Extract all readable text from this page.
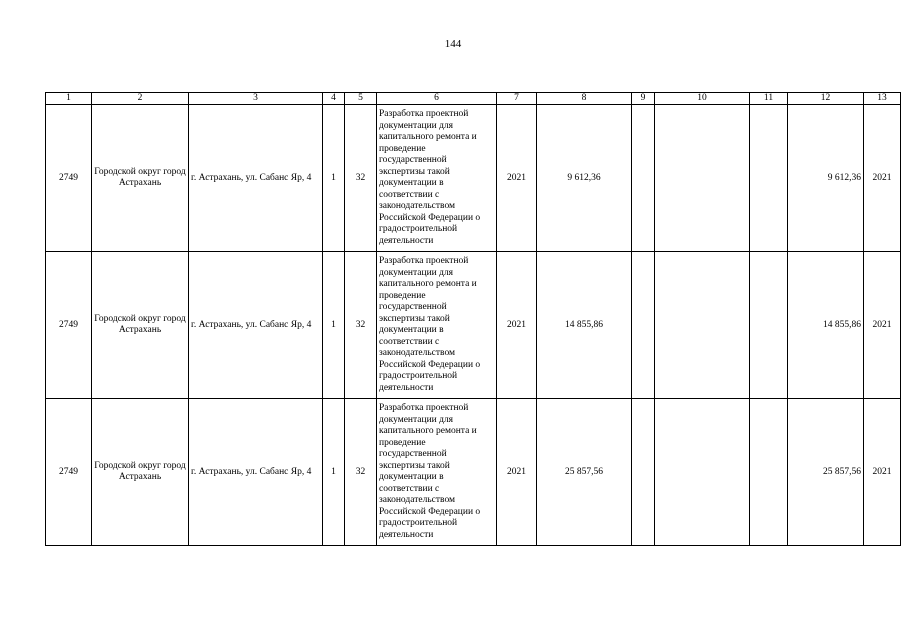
144
1	2	3	4	5	6	7	8	9	10	11	12	13
2749	Городской округ город Астрахань	г. Астрахань, ул. Сабанс Яр, 4	1	32	Разработка проектной документации для капитального ремонта и проведение государственной экспертизы такой документации в соответствии с законодательством Российской Федерации о градостроительной деятельности	2021	9 612,36				9 612,36	2021
2749	Городской округ город Астрахань	г. Астрахань, ул. Сабанс Яр, 4	1	32	Разработка проектной документации для капитального ремонта и проведение государственной экспертизы такой документации в соответствии с законодательством Российской Федерации о градостроительной деятельности	2021	14 855,86				14 855,86	2021
2749	Городской округ город Астрахань	г. Астрахань, ул. Сабанс Яр, 4	1	32	Разработка проектной документации для капитального ремонта и проведение государственной экспертизы такой документации в соответствии с законодательством Российской Федерации о градостроительной деятельности	2021	25 857,56				25 857,56	2021
